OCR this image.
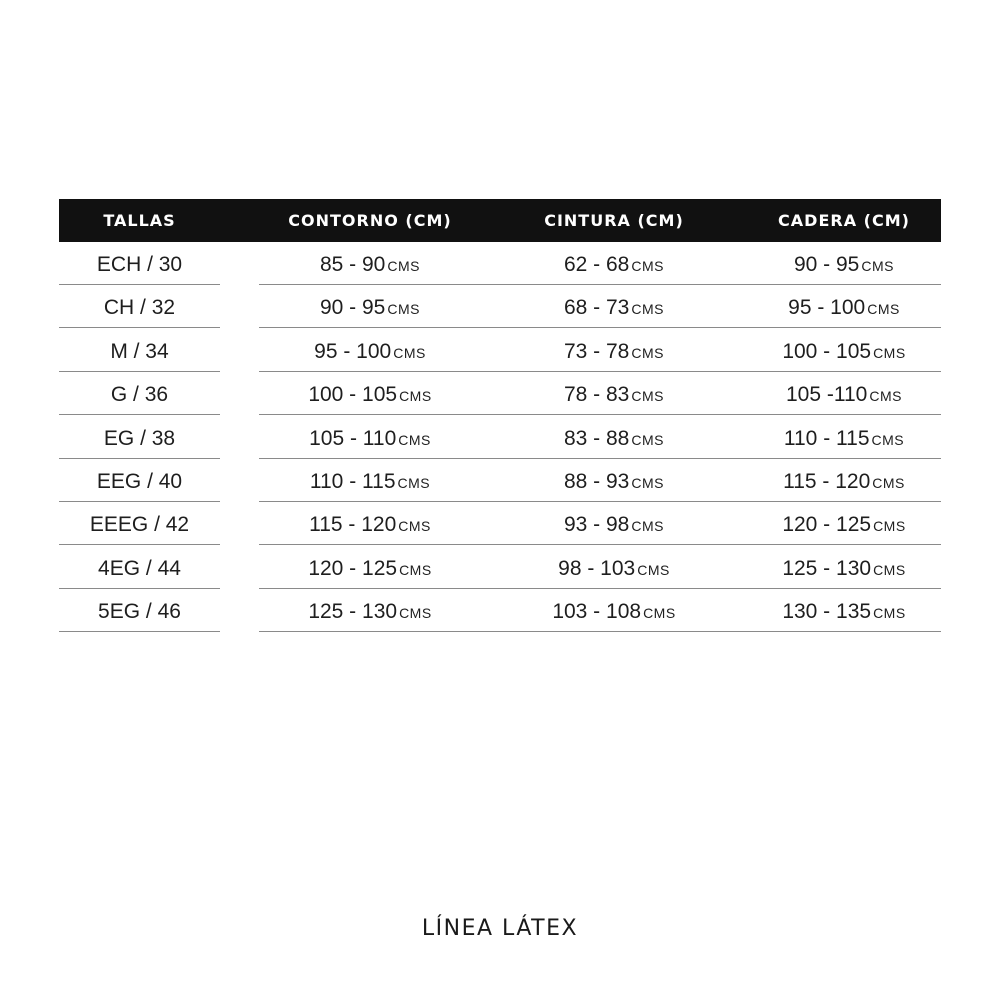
TALLAS	CONTORNO (CM)	CINTURA (CM)	CADERA (CM)
ECH / 30	85 - 90 CMS	62 - 68 CMS	90 - 95 CMS
CH / 32	90 - 95 CMS	68 - 73 CMS	95 - 100 CMS
M / 34	95 - 100 CMS	73 - 78 CMS	100 - 105 CMS
G / 36	100 - 105 CMS	78 - 83 CMS	105 -110 CMS
EG / 38	105 - 110 CMS	83 - 88 CMS	110 - 115 CMS
EEG / 40	110 - 115 CMS	88 - 93 CMS	115 - 120 CMS
EEEG / 42	115 - 120 CMS	93 - 98 CMS	120 - 125 CMS
4EG / 44	120 - 125 CMS	98 - 103 CMS	125 - 130 CMS
5EG / 46	125 - 130 CMS	103 - 108 CMS	130 - 135 CMS
LÍNEA LÁTEX
